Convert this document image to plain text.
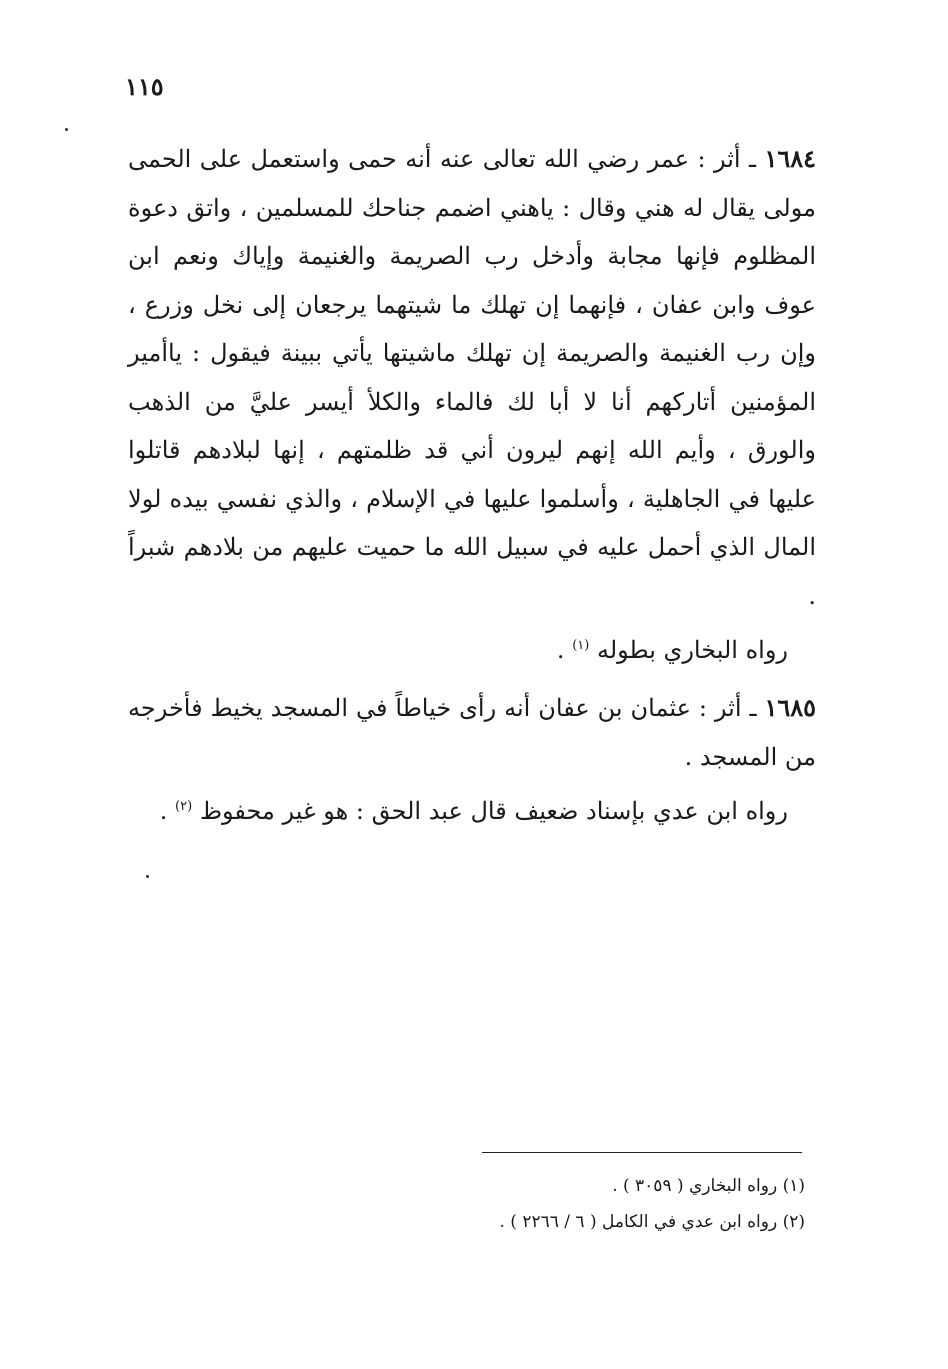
١١٥

١٦٨٤ ـ أثر : عمر رضي الله تعالى عنه أنه حمى واستعمل على الحمى مولى يقال له هني وقال : ياهني اضمم جناحك للمسلمين ، واتق دعوة المظلوم فإنها مجابة وأدخل رب الصريمة والغنيمة وإياك ونعم ابن عوف وابن عفان ، فإنهما إن تهلك ما شيتهما يرجعان إلى نخل وزرع ، وإن رب الغنيمة والصريمة إن تهلك ماشيتها يأتي ببينة فيقول : ياأمير المؤمنين أتاركهم أنا لا أبا لك فالماء والكلأ أيسر عليَّ من الذهب والورق ، وأيم الله إنهم ليرون أني قد ظلمتهم ، إنها لبلادهم قاتلوا عليها في الجاهلية ، وأسلموا عليها في الإسلام ، والذي نفسي بيده لولا المال الذي أحمل عليه في سبيل الله ما حميت عليهم من بلادهم شبراً .

رواه البخاري بطوله $^{(١)}$ .

١٦٨٥ ـ أثر : عثمان بن عفان أنه رأى خياطاً في المسجد يخيط فأخرجه من المسجد .

رواه ابن عدي بإسناد ضعيف قال عبد الحق : هو غير محفوظ $^{(٢)}$ .

(١) رواه البخاري ( ٣٠٥٩ ) .

(٢) رواه ابن عدي في الكامل ( ٦ / ٢٢٦٦ ) .
